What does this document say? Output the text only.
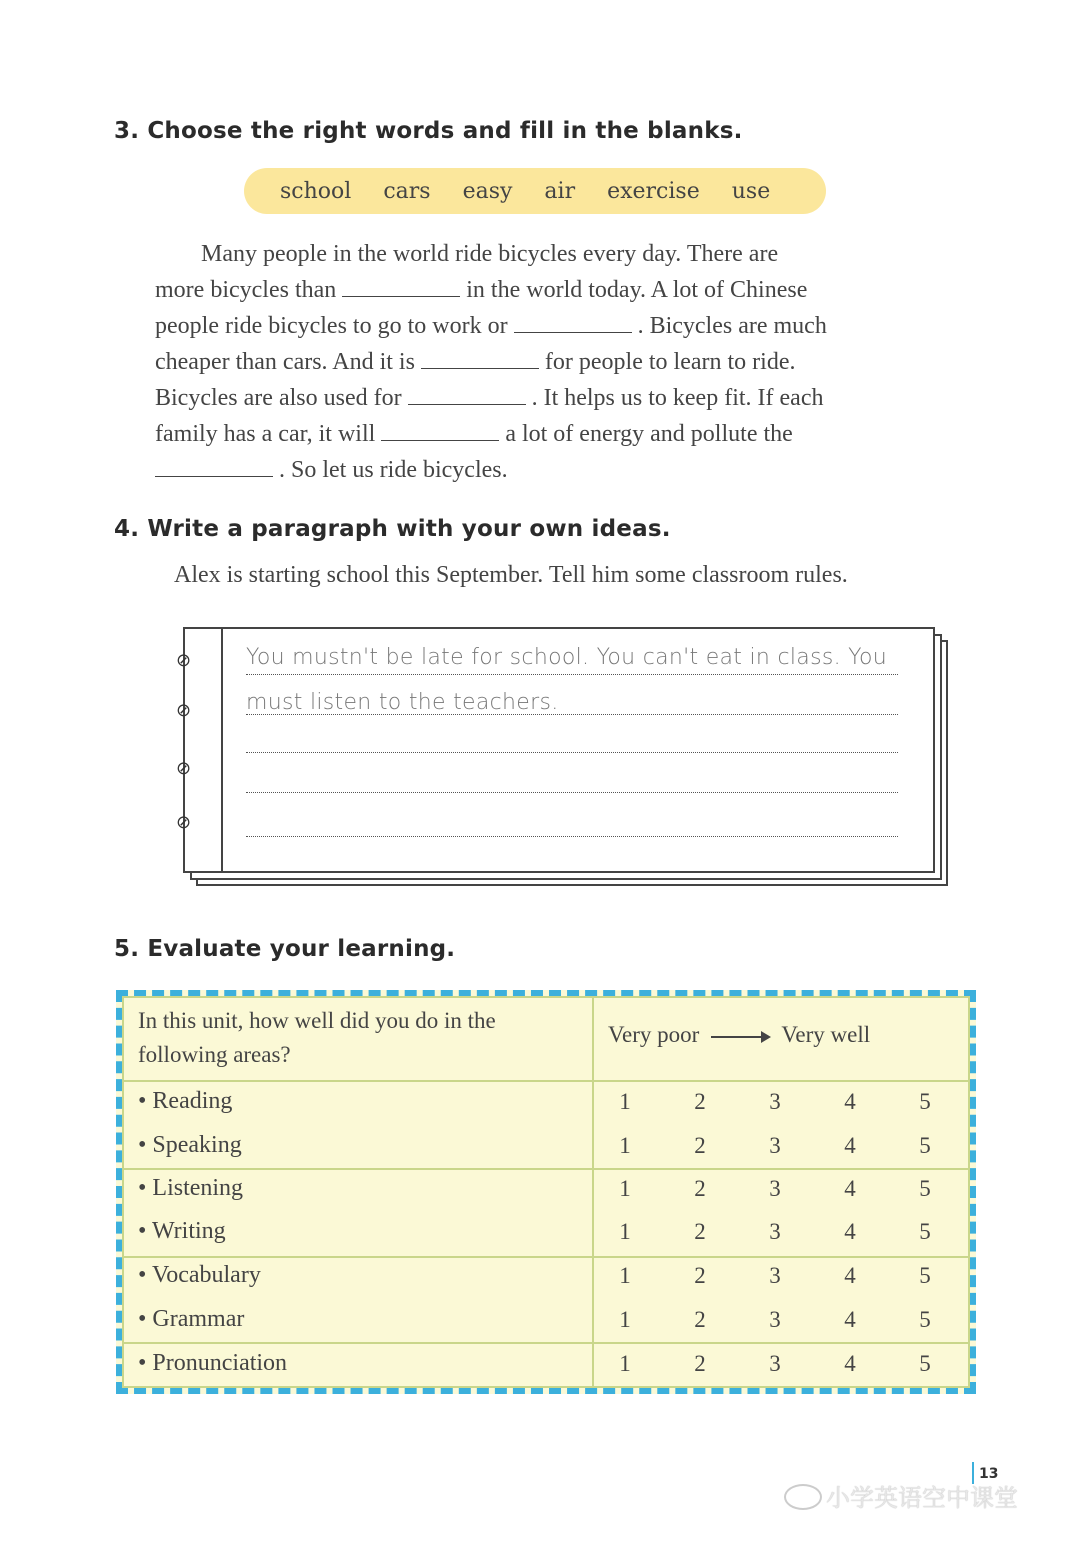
3. Choose the right words and fill in the blanks.
school cars easy air exercise use
Many people in the world ride bicycles every day. There are
more bicycles than	in the world today. A lot of Chinese
people ride bicycles to go to work or	. Bicycles are much
cheaper than cars. And it is	for people to learn to ride.
Bicycles are also used for	. It helps us to keep fit. If each
family has a car, it will	a lot of energy and pollute the
. So let us ride bicycles.
4. Write a paragraph with your own ideas.
Alex is starting school this September. Tell him some classroom rules.
⊘
⊘
⊘
⊘
You mustn't be late for school. You can't eat in class. You
must listen to the teachers.
5. Evaluate your learning.
In this unit, how well did you do in the following areas?
Very poor	Very well
• Reading	1	2	3	4	5
• Speaking	1	2	3	4	5
• Listening	1	2	3	4	5
• Writing	1	2	3	4	5
• Vocabulary	1	2	3	4	5
• Grammar	1	2	3	4	5
• Pronunciation	1	2	3	4	5
13
小学英语空中课堂
